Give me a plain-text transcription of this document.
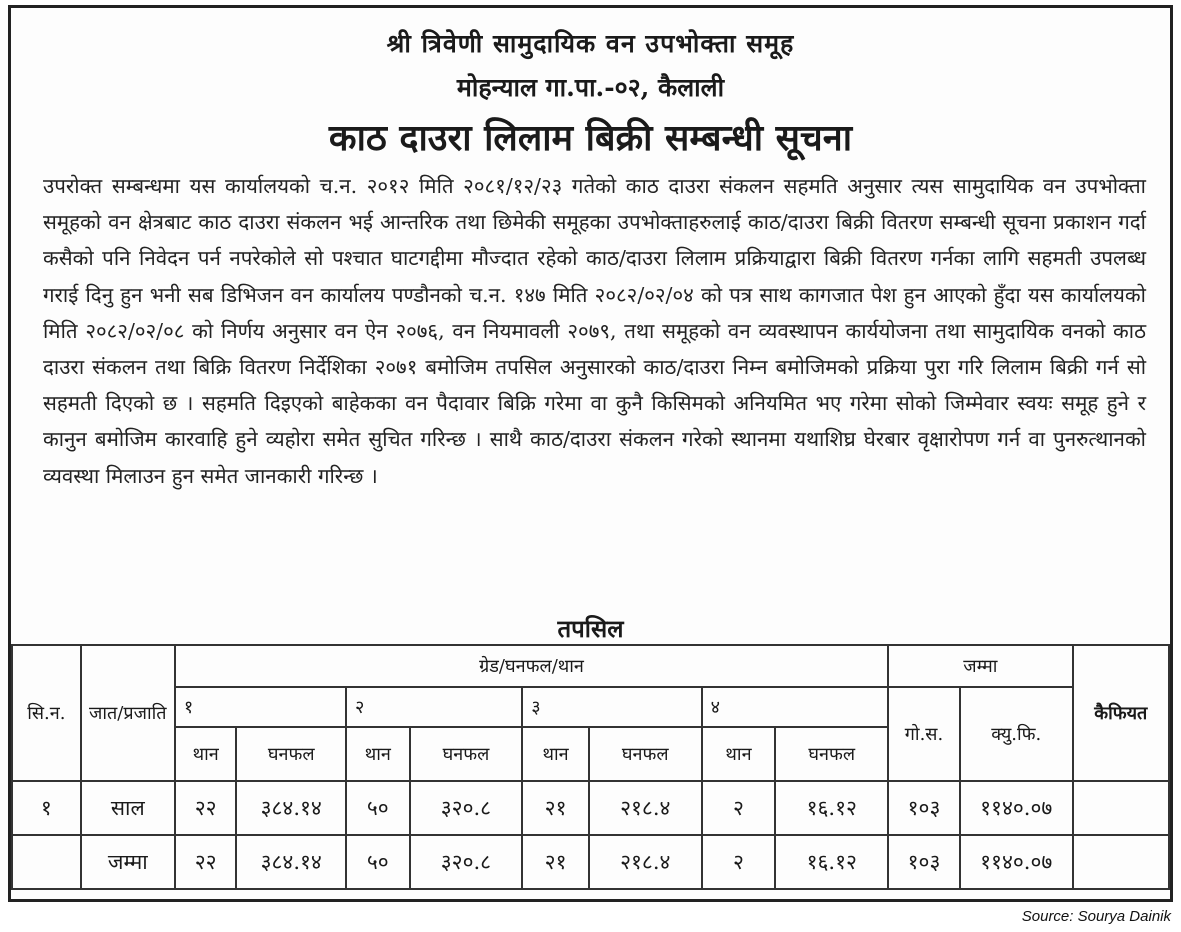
श्री त्रिवेणी सामुदायिक वन उपभोक्ता समूह
मोहन्याल गा.पा.-०२, कैलाली
काठ दाउरा लिलाम बिक्री सम्बन्धी सूचना
उपरोक्त सम्बन्धमा यस कार्यालयको च.न. २०१२ मिति २०८१/१२/२३ गतेको काठ दाउरा संकलन सहमति अनुसार त्यस सामुदायिक वन उपभोक्ता समूहको वन क्षेत्रबाट काठ दाउरा संकलन भई आन्तरिक तथा छिमेकी समूहका उपभोक्ताहरुलाई काठ/दाउरा बिक्री वितरण सम्बन्धी सूचना प्रकाशन गर्दा कसैको पनि निवेदन पर्न नपरेकोले सो पश्चात घाटगद्दीमा मौज्दात रहेको काठ/दाउरा लिलाम प्रक्रियाद्वारा बिक्री वितरण गर्नका लागि सहमती उपलब्ध गराई दिनु हुन भनी सब डिभिजन वन कार्यालय पण्डौनको च.न. १४७ मिति २०८२/०२/०४ को पत्र साथ कागजात पेश हुन आएको हुँदा यस कार्यालयको मिति २०८२/०२/०८ को निर्णय अनुसार वन ऐन २०७६, वन नियमावली २०७९, तथा समूहको वन व्यवस्थापन कार्ययोजना तथा सामुदायिक वनको काठ दाउरा संकलन तथा बिक्रि वितरण निर्देशिका २०७१ बमोजिम तपसिल अनुसारको काठ/दाउरा निम्न बमोजिमको प्रक्रिया पुरा गरि लिलाम बिक्री गर्न सो सहमती दिएको छ । सहमति दिइएको बाहेकका वन पैदावार बिक्रि गरेमा वा कुनै किसिमको अनियमित भए गरेमा सोको जिम्मेवार स्वयः समूह हुने र कानुन बमोजिम कारवाहि हुने व्यहोरा समेत सुचित गरिन्छ । साथै काठ/दाउरा संकलन गरेको स्थानमा यथाशिघ्र घेरबार वृक्षारोपण गर्न वा पुनरुत्थानको व्यवस्था मिलाउन हुन समेत जानकारी गरिन्छ ।
तपसिल
सि.न.	जात/प्रजाति	ग्रेड/घनफल/थान								जम्मा		कैफियत
		१		२		३		४		गो.स.	क्यु.फि.	
		थान	घनफल	थान	घनफल	थान	घनफल	थान	घनफल			
१	साल	२२	३८४.१४	५०	३२०.८	२१	२१८.४	२	१६.१२	१०३	११४०.०७	
	जम्मा	२२	३८४.१४	५०	३२०.८	२१	२१८.४	२	१६.१२	१०३	११४०.०७	
Source: Sourya Dainik
